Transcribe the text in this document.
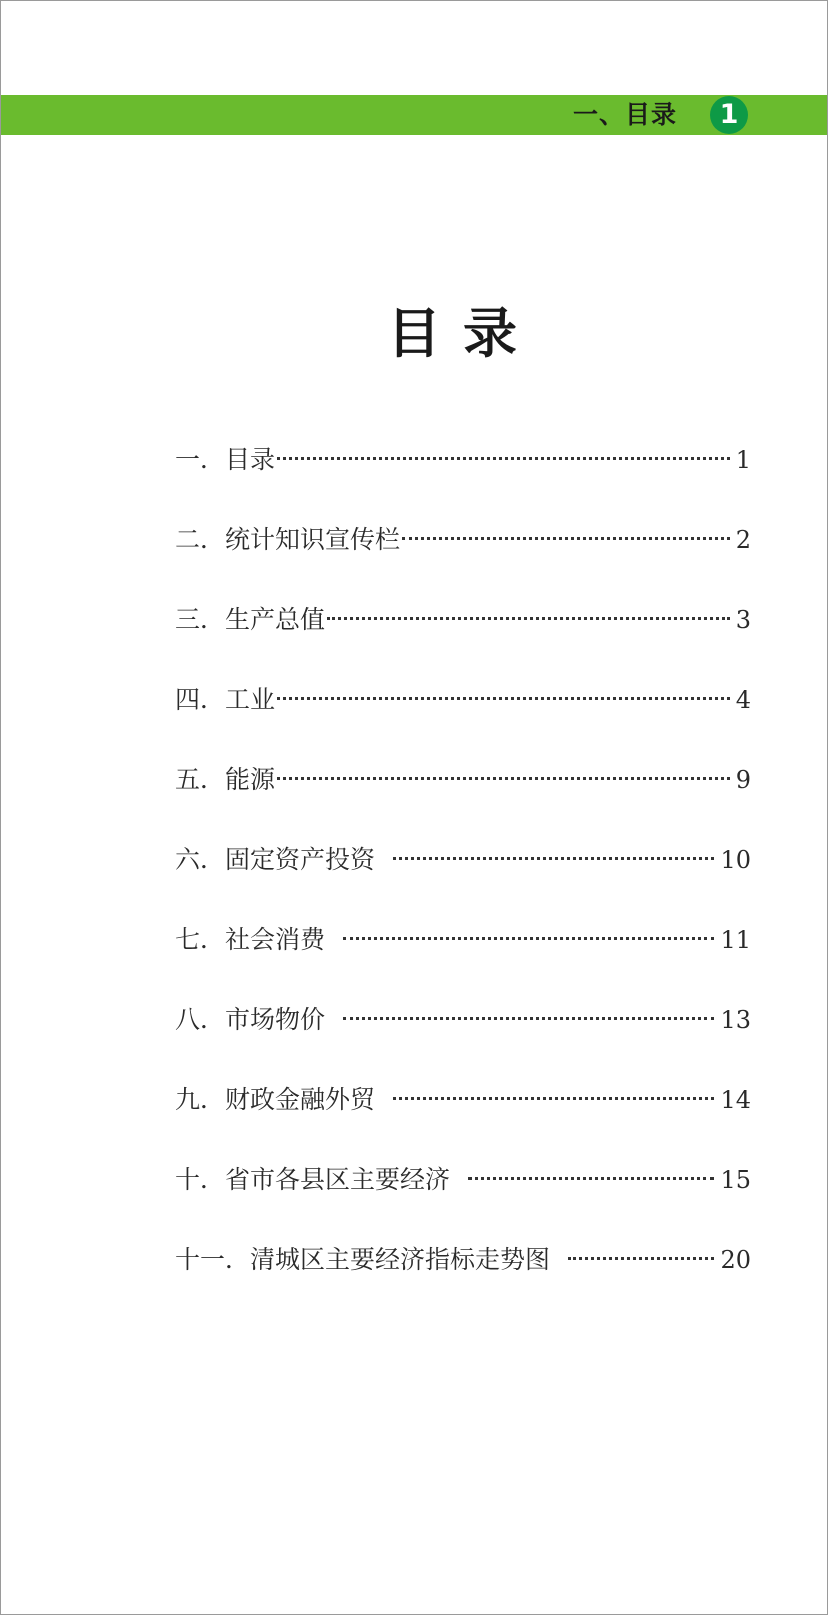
一、目录	1
目录
一． 目录	1
二． 统计知识宣传栏	2
三． 生产总值	3
四． 工业	4
五． 能源	9
六． 固定资产投资	10
七． 社会消费	11
八． 市场物价	13
九． 财政金融外贸	14
十． 省市各县区主要经济	15
十一． 清城区主要经济指标走势图	20
